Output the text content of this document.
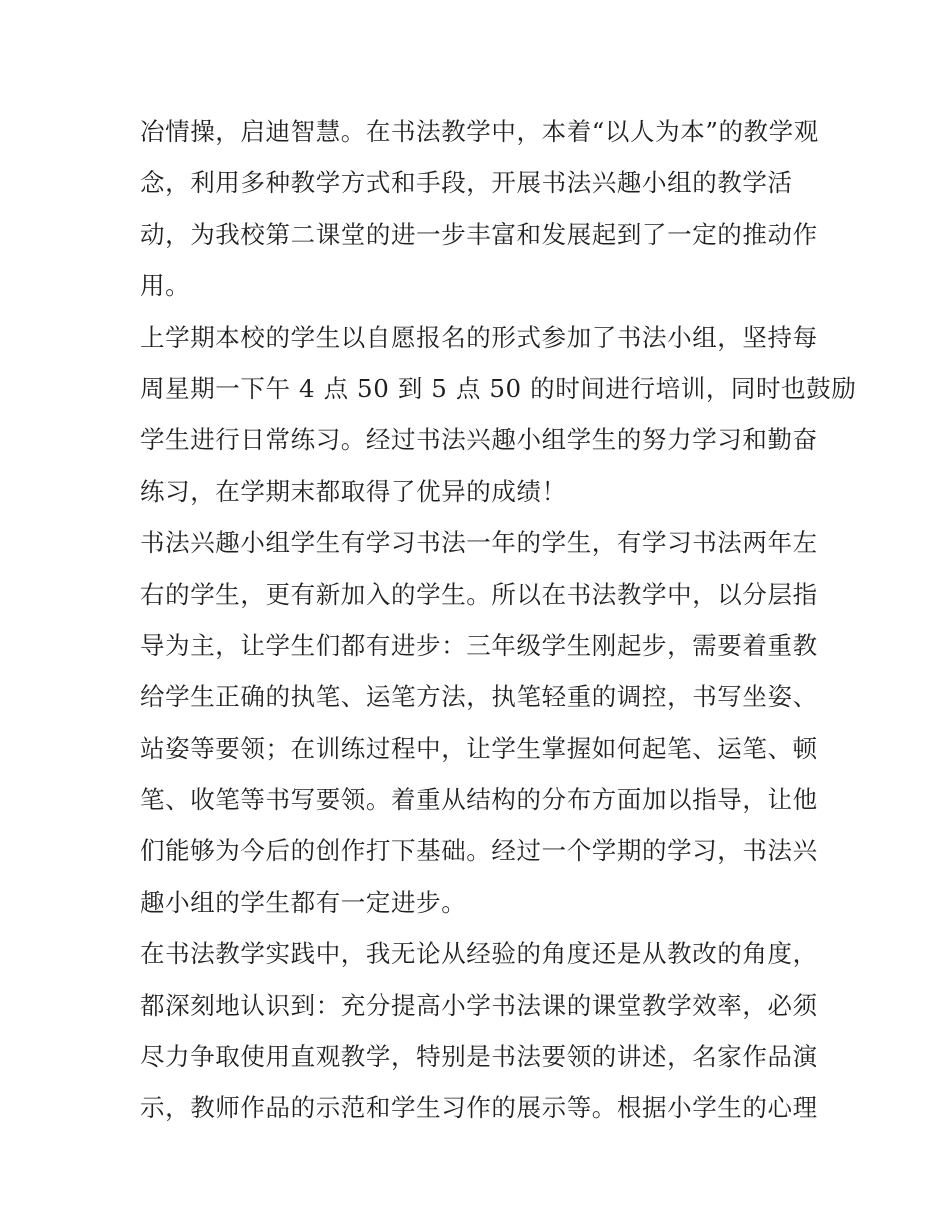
冶情操，启迪智慧。在书法教学中，本着“以人为本”的教学观
念，利用多种教学方式和手段，开展书法兴趣小组的教学活
动，为我校第二课堂的进一步丰富和发展起到了一定的推动作
用。
上学期本校的学生以自愿报名的形式参加了书法小组，坚持每
周星期一下午 4 点 50 到 5 点 50 的时间进行培训，同时也鼓励
学生进行日常练习。经过书法兴趣小组学生的努力学习和勤奋
练习，在学期末都取得了优异的成绩！
书法兴趣小组学生有学习书法一年的学生，有学习书法两年左
右的学生，更有新加入的学生。所以在书法教学中，以分层指
导为主，让学生们都有进步：三年级学生刚起步，需要着重教
给学生正确的执笔、运笔方法，执笔轻重的调控，书写坐姿、
站姿等要领；在训练过程中，让学生掌握如何起笔、运笔、顿
笔、收笔等书写要领。着重从结构的分布方面加以指导，让他
们能够为今后的创作打下基础。经过一个学期的学习，书法兴
趣小组的学生都有一定进步。
在书法教学实践中，我无论从经验的角度还是从教改的角度，
都深刻地认识到：充分提高小学书法课的课堂教学效率，必须
尽力争取使用直观教学，特别是书法要领的讲述，名家作品演
示，教师作品的示范和学生习作的展示等。根据小学生的心理
